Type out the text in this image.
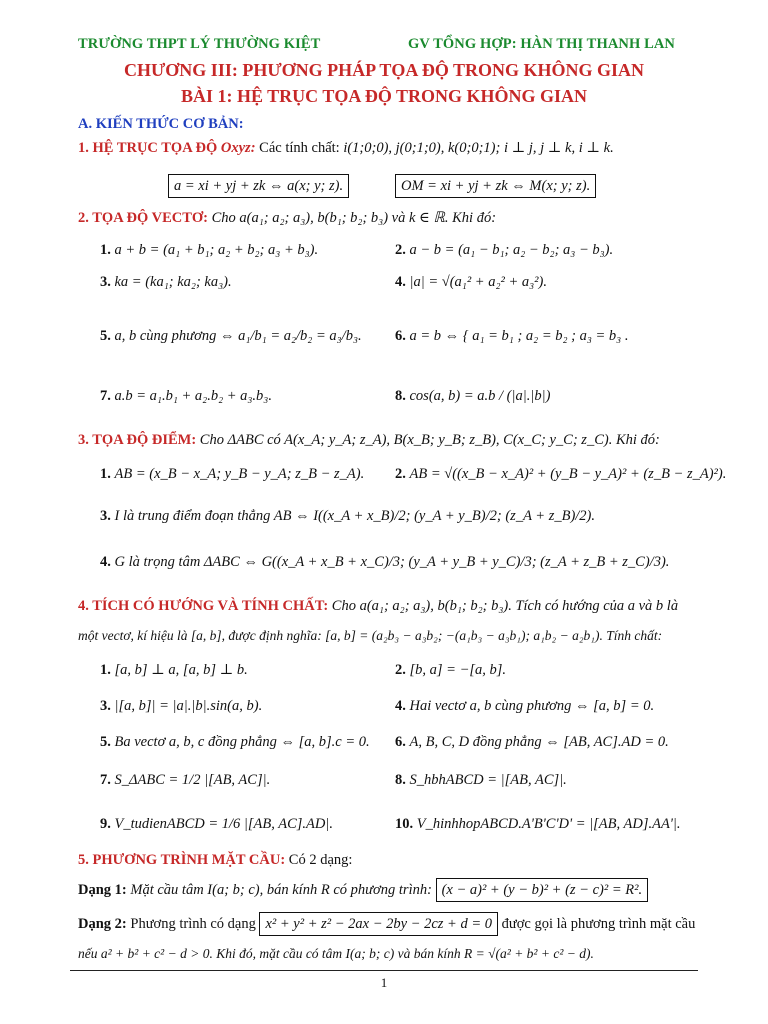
TRƯỜNG THPT LÝ THƯỜNG KIỆT	GV TỔNG HỢP: HÀN THỊ THANH LAN
CHƯƠNG III: PHƯƠNG PHÁP TỌA ĐỘ TRONG KHÔNG GIAN
BÀI 1: HỆ TRỤC TỌA ĐỘ TRONG KHÔNG GIAN
A. KIẾN THỨC CƠ BẢN:
1. HỆ TRỤC TỌA ĐỘ Oxyz: Các tính chất: i(1;0;0), j(0;1;0), k(0;0;1); i ⊥ j, j ⊥ k, i ⊥ k.
a = xi + yj + zk ⇔ a(x; y; z).	OM = xi + yj + zk ⇔ M(x; y; z).
2. TỌA ĐỘ VECTƠ: Cho a(a₁; a₂; a₃), b(b₁; b₂; b₃) và k ∈ ℝ. Khi đó:
1. a + b = (a₁ + b₁; a₂ + b₂; a₃ + b₃).	2. a − b = (a₁ − b₁; a₂ − b₂; a₃ − b₃).
3. ka = (ka₁; ka₂; ka₃).	4. |a| = √(a₁² + a₂² + a₃²).
5. a, b cùng phương ⇔ a₁/b₁ = a₂/b₂ = a₃/b₃. 6. a = b ⇔ { a₁ = b₁ ; a₂ = b₂ ; a₃ = b₃ .
7. a.b = a₁.b₁ + a₂.b₂ + a₃.b₃.	8. cos(a, b) = a.b / (|a|.|b|)
3. TỌA ĐỘ ĐIỂM: Cho ΔABC có A(x_A; y_A; z_A), B(x_B; y_B; z_B), C(x_C; y_C; z_C). Khi đó:
1. AB = (x_B − x_A; y_B − y_A; z_B − z_A). 2. AB = √((x_B − x_A)² + (y_B − y_A)² + (z_B − z_A)²).
3. I là trung điểm đoạn thẳng AB ⇔ I((x_A + x_B)/2; (y_A + y_B)/2; (z_A + z_B)/2).
4. G là trọng tâm ΔABC ⇔ G((x_A + x_B + x_C)/3; (y_A + y_B + y_C)/3; (z_A + z_B + z_C)/3).
4. TÍCH CÓ HƯỚNG VÀ TÍNH CHẤT: Cho a(a₁; a₂; a₃), b(b₁; b₂; b₃). Tích có hướng của a và b là
một vectơ, kí hiệu là [a, b], được định nghĩa: [a, b] = (a₂b₃ − a₃b₂; −(a₁b₃ − a₃b₁); a₁b₂ − a₂b₁). Tính chất:
1. [a, b] ⊥ a, [a, b] ⊥ b.	2. [b, a] = −[a, b].
3. |[a, b]| = |a|.|b|.sin(a, b).	4. Hai vectơ a, b cùng phương ⇔ [a, b] = 0.
5. Ba vectơ a, b, c đồng phẳng ⇔ [a, b].c = 0. 6. A, B, C, D đồng phẳng ⇔ [AB, AC].AD = 0.
7. S_ΔABC = 1/2 |[AB, AC]|.	8. S_hbhABCD = |[AB, AC]|.
9. V_tudienABCD = 1/6 |[AB, AC].AD|.	10. V_hinhhopABCD.A'B'C'D' = |[AB, AD].AA'|.
5. PHƯƠNG TRÌNH MẶT CẦU: Có 2 dạng:
Dạng 1: Mặt cầu tâm I(a; b; c), bán kính R có phương trình: (x − a)² + (y − b)² + (z − c)² = R².
Dạng 2: Phương trình có dạng x² + y² + z² − 2ax − 2by − 2cz + d = 0 được gọi là phương trình mặt cầu
nếu a² + b² + c² − d > 0. Khi đó, mặt cầu có tâm I(a; b; c) và bán kính R = √(a² + b² + c² − d).
1
